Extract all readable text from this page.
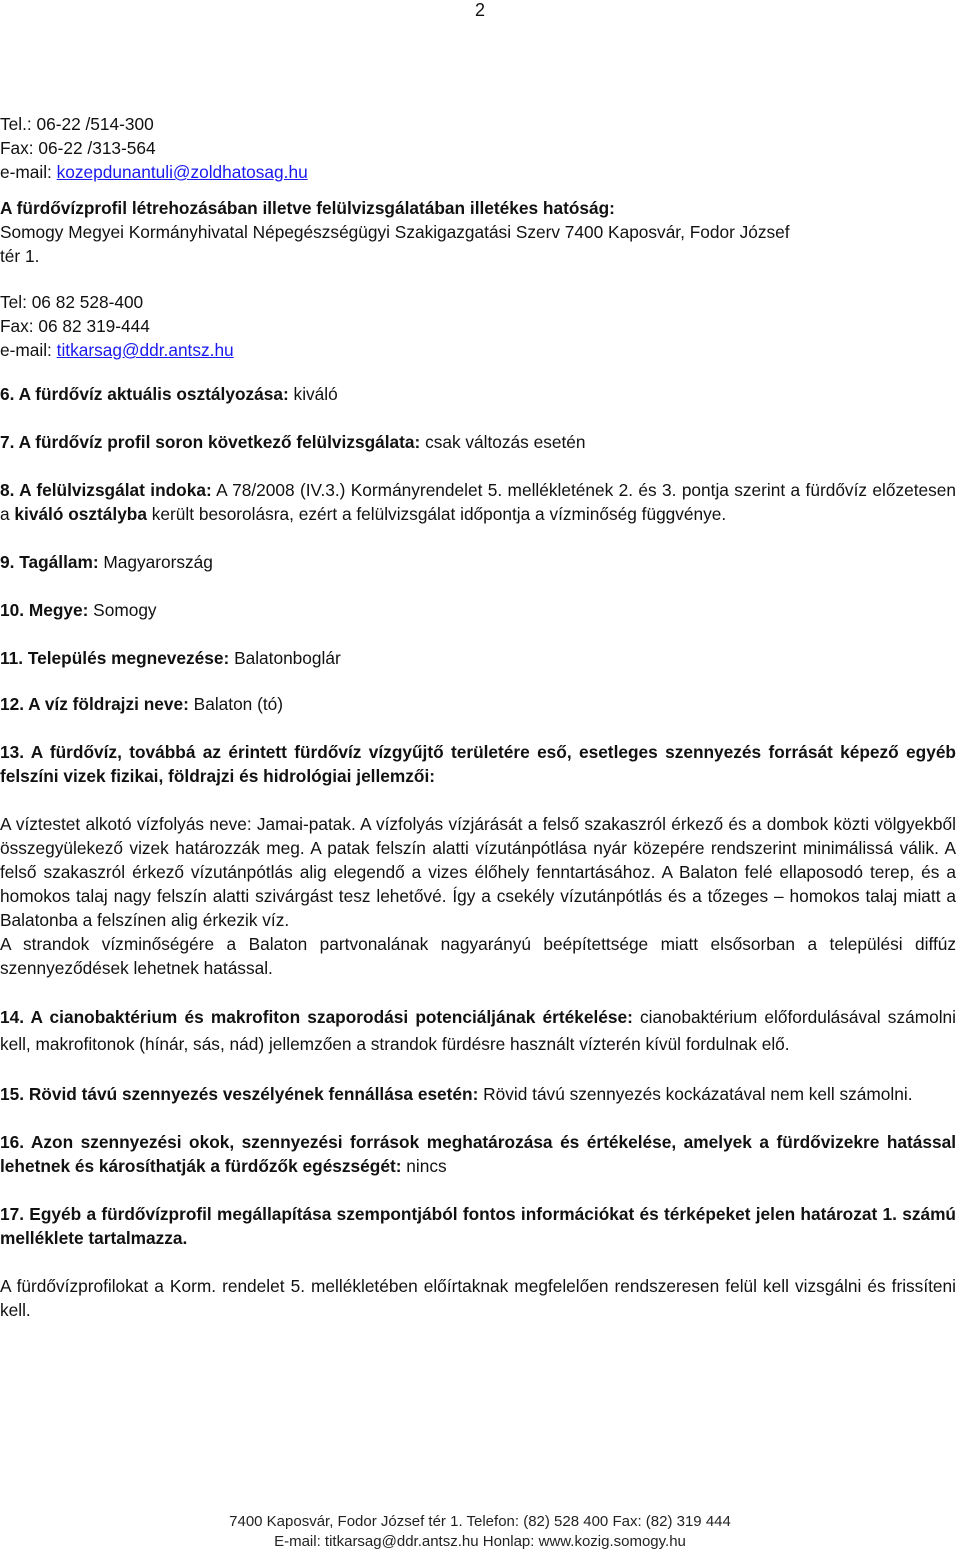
2
Tel.: 06-22 /514-300
Fax: 06-22 /313-564
e-mail: kozepdunantuli@zoldhatosag.hu
A fürdővízprofil létrehozásában illetve felülvizsgálatában illetékes hatóság:
Somogy Megyei Kormányhivatal Népegészségügyi Szakigazgatási Szerv 7400 Kaposvár, Fodor József
tér 1.
Tel: 06 82 528-400
Fax: 06 82 319-444
e-mail: titkarsag@ddr.antsz.hu

6. A fürdővíz aktuális osztályozása: kiváló

7. A fürdővíz profil soron következő felülvizsgálata: csak változás esetén

8. A felülvizsgálat indoka: A 78/2008 (IV.3.) Kormányrendelet 5. mellékletének 2. és 3. pontja szerint a fürdővíz előzetesen a kiváló osztályba került besorolásra, ezért a felülvizsgálat időpontja a vízminőség függvénye.

9. Tagállam: Magyarország

10. Megye: Somogy

11. Település megnevezése: Balatonboglár

12. A víz földrajzi neve: Balaton (tó)

13. A fürdővíz, továbbá az érintett fürdővíz vízgyűjtő területére eső, esetleges szennyezés forrását képező egyéb felszíni vizek fizikai, földrajzi és hidrológiai jellemzői:

A víztestet alkotó vízfolyás neve: Jamai-patak. A vízfolyás vízjárását a felső szakaszról érkező és a dombok közti völgyekből összegyülekező vizek határozzák meg. A patak felszín alatti vízutánpótlása nyár közepére rendszerint minimálissá válik. A felső szakaszról érkező vízutánpótlás alig elegendő a vizes élőhely fenntartásához. A Balaton felé ellaposodó terep, és a homokos talaj nagy felszín alatti szivárgást tesz lehetővé. Így a csekély vízutánpótlás és a tőzeges – homokos talaj miatt a Balatonba a felszínen alig érkezik víz.

A strandok vízminőségére a Balaton partvonalának nagyarányú beépítettsége miatt elsősorban a települési diffúz szennyeződések lehetnek hatással.

14. A cianobaktérium és makrofiton szaporodási potenciáljának értékelése: cianobaktérium előfordulásával számolni kell, makrofitonok (hínár, sás, nád) jellemzően a strandok fürdésre használt vízterén kívül fordulnak elő.

15. Rövid távú szennyezés veszélyének fennállása esetén: Rövid távú szennyezés kockázatával nem kell számolni.

16. Azon szennyezési okok, szennyezési források meghatározása és értékelése, amelyek a fürdővizekre hatással lehetnek és károsíthatják a fürdőzők egészségét: nincs

17. Egyéb a fürdővízprofil megállapítása szempontjából fontos információkat és térképeket jelen határozat 1. számú melléklete tartalmazza.

A fürdővízprofilokat a Korm. rendelet 5. mellékletében előírtaknak megfelelően rendszeresen felül kell vizsgálni és frissíteni kell.

7400 Kaposvár, Fodor József tér 1. Telefon: (82) 528 400 Fax: (82) 319 444
E-mail: titkarsag@ddr.antsz.hu Honlap: www.kozig.somogy.hu
